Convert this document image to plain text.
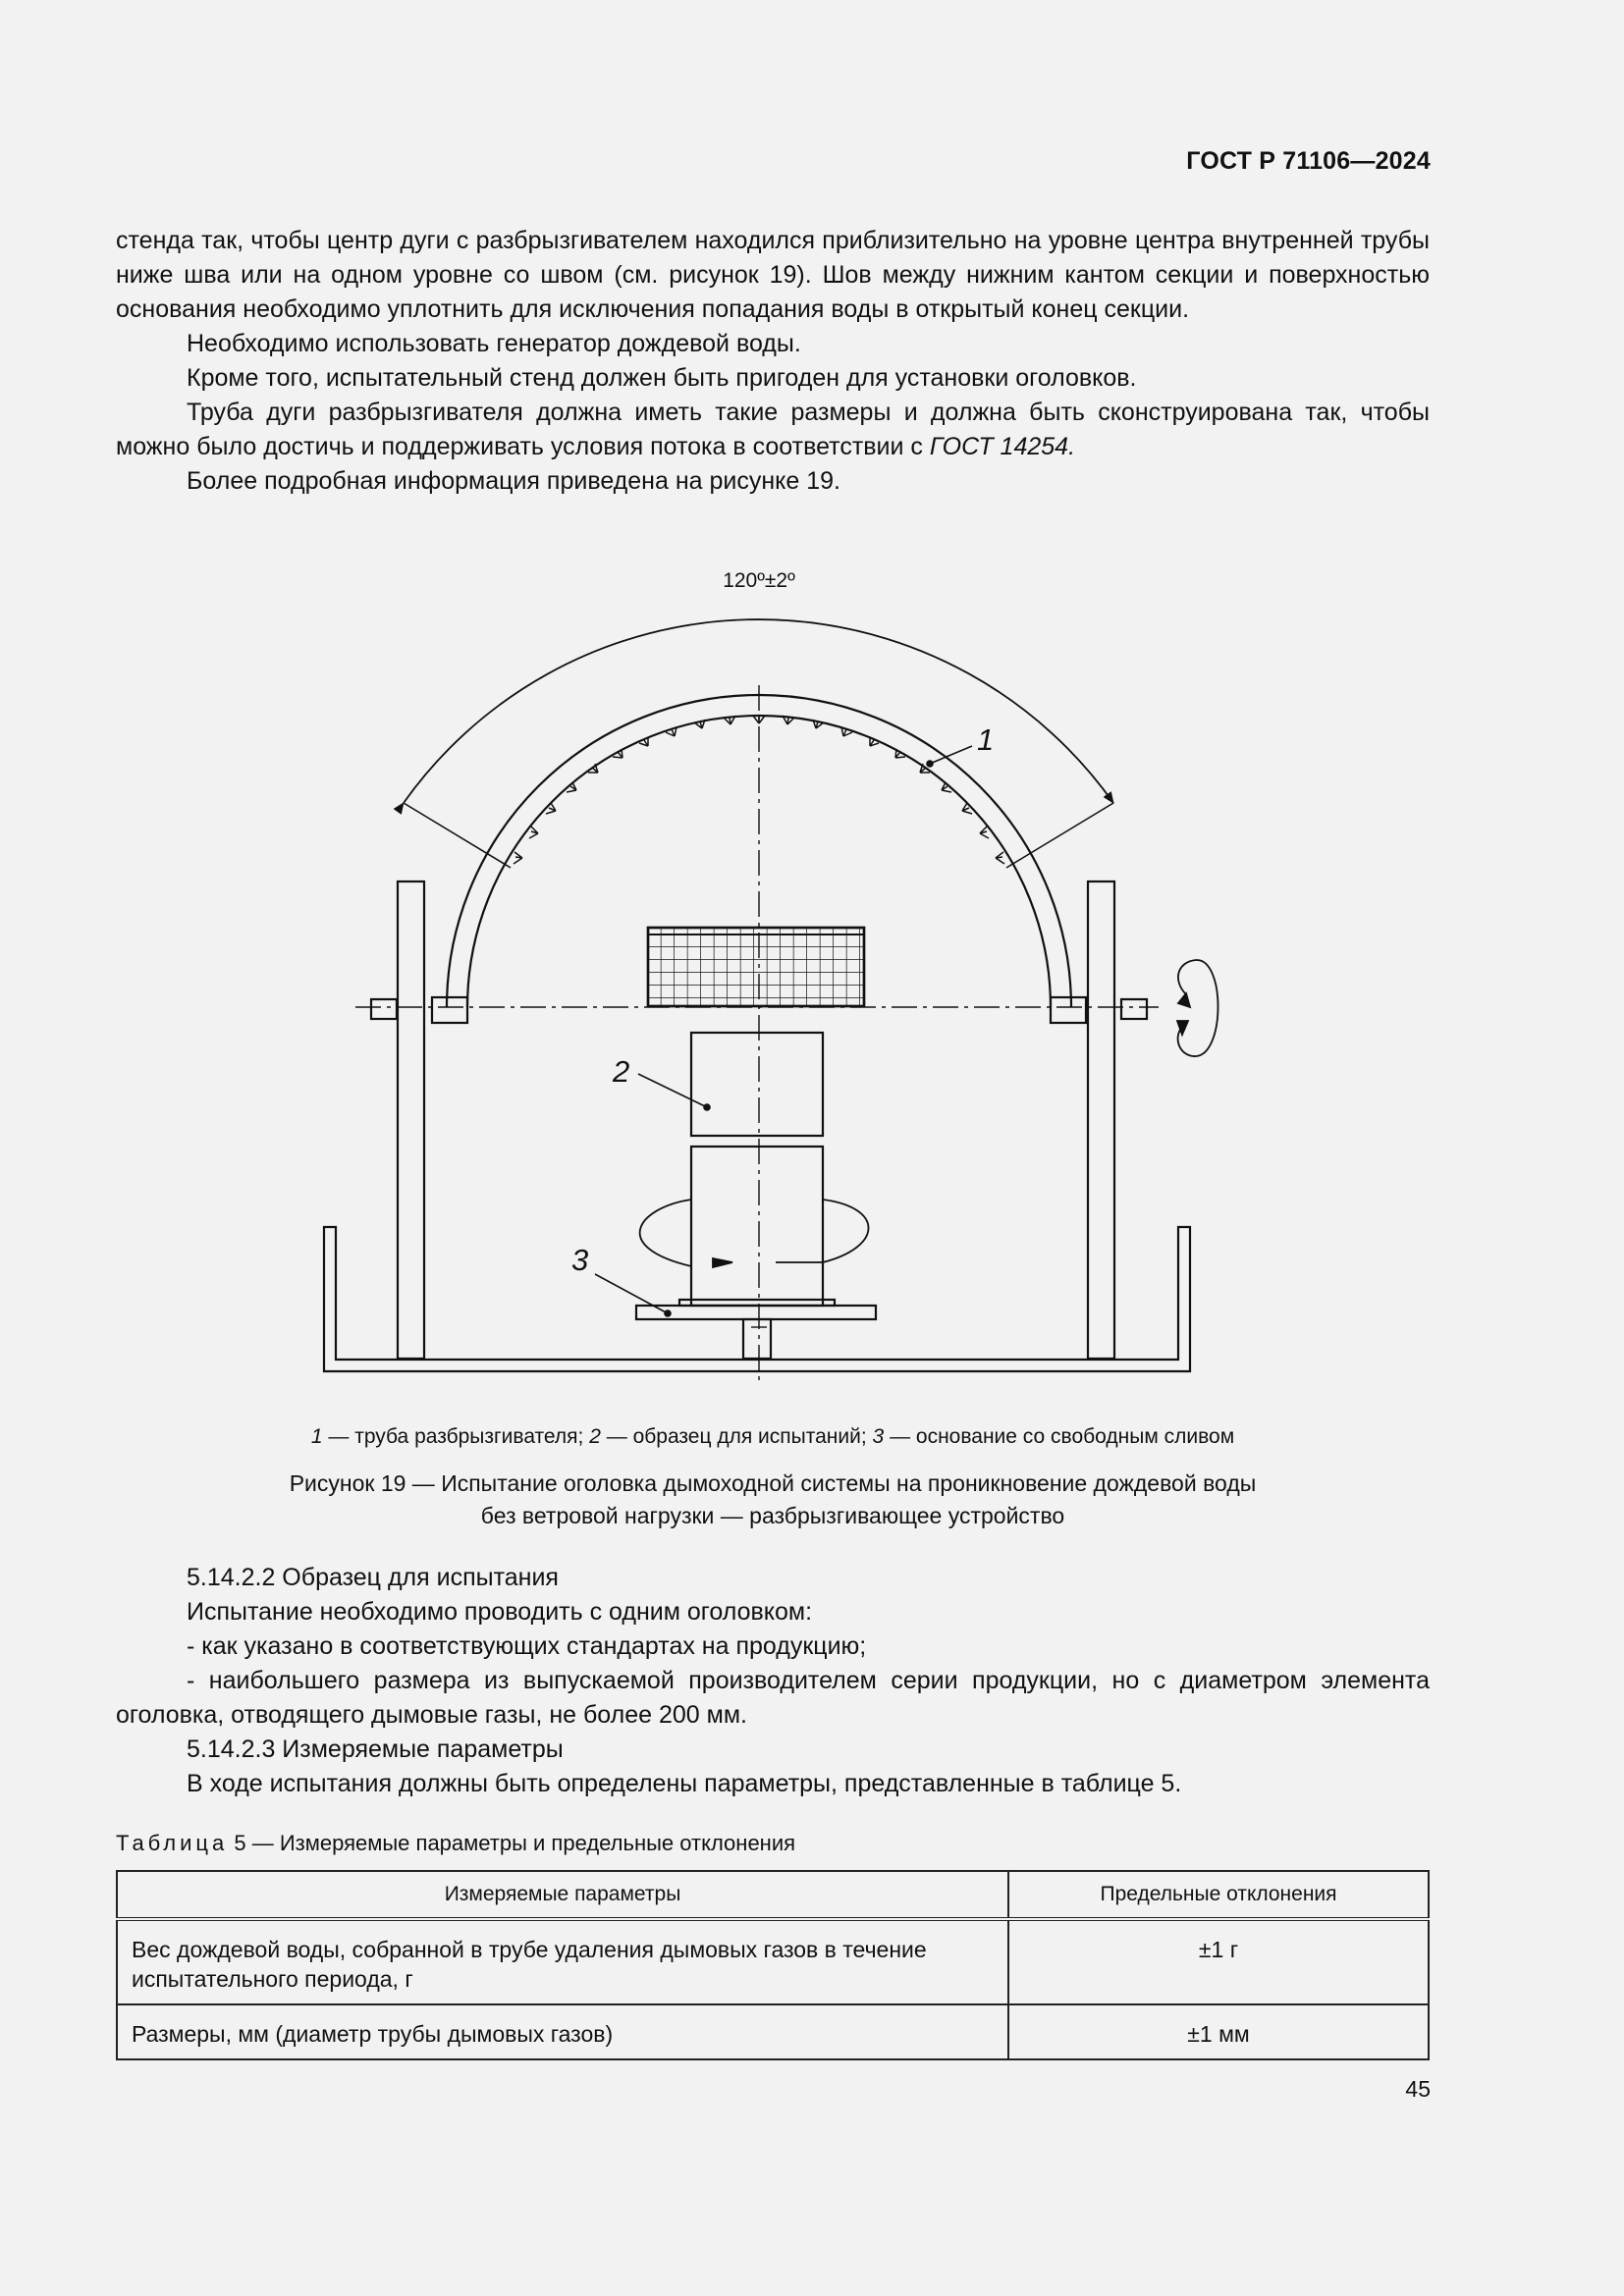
ГОСТ Р 71106—2024

стенда так, чтобы центр дуги с разбрызгивателем находился приблизительно на уровне центра внутренней трубы ниже шва или на одном уровне со швом (см. рисунок 19). Шов между нижним кантом секции и поверхностью основания необходимо уплотнить для исключения попадания воды в открытый конец секции.

Необходимо использовать генератор дождевой воды.

Кроме того, испытательный стенд должен быть пригоден для установки оголовков.

Труба дуги разбрызгивателя должна иметь такие размеры и должна быть сконструирована так, чтобы можно было достичь и поддерживать условия потока в соответствии с ГОСТ 14254.

Более подробная информация приведена на рисунке 19.

120º±2º
1
2
3
1 — труба разбрызгивателя; 2 — образец для испытаний; 3 — основание со свободным сливом
Рисунок 19 — Испытание оголовка дымоходной системы на проникновение дождевой воды
без ветровой нагрузки — разбрызгивающее устройство

5.14.2.2 Образец для испытания

Испытание необходимо проводить с одним оголовком:

- как указано в соответствующих стандартах на продукцию;

- наибольшего размера из выпускаемой производителем серии продукции, но с диаметром элемента оголовка, отводящего дымовые газы, не более 200 мм.

5.14.2.3 Измеряемые параметры

В ходе испытания должны быть определены параметры, представленные в таблице 5.

Таблица 5 — Измеряемые параметры и предельные отклонения
Измеряемые параметры	Предельные отклонения
Вес дождевой воды, собранной в трубе удаления дымовых газов в течение испытательного периода, г	±1 г
Размеры, мм (диаметр трубы дымовых газов)	±1 мм
45
